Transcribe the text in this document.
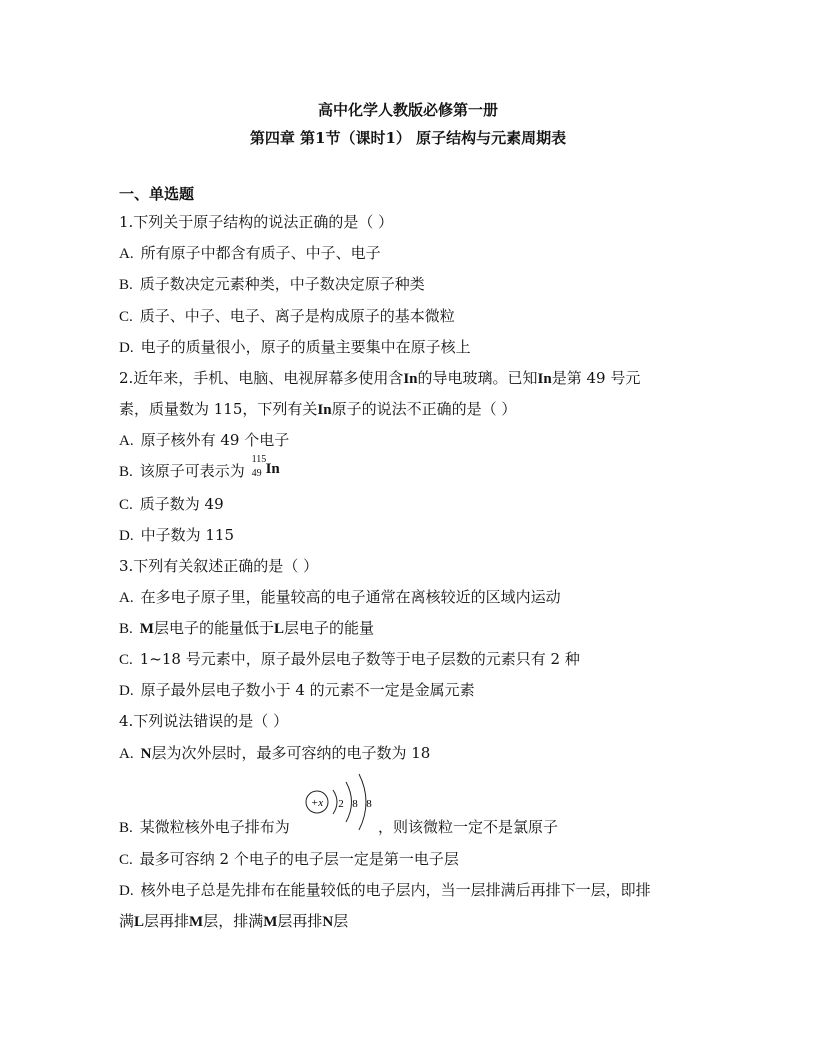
高中化学人教版必修第一册
第四章 第1节（课时1） 原子结构与元素周期表
一、单选题
1.下列关于原子结构的说法正确的是（ ）
A. 所有原子中都含有质子、中子、电子
B. 质子数决定元素种类，中子数决定原子种类
C. 质子、中子、电子、离子是构成原子的基本微粒
D. 电子的质量很小，原子的质量主要集中在原子核上
2.近年来，手机、电脑、电视屏幕多使用含In的导电玻璃。已知In是第 49 号元
素，质量数为 115，下列有关In原子的说法不正确的是（ ）
A. 原子核外有 49 个电子
B. 该原子可表示为
115
49 In
C. 质子数为 49
D. 中子数为 115
3.下列有关叙述正确的是（ ）
A. 在多电子原子里，能量较高的电子通常在离核较近的区域内运动
B. M层电子的能量低于L层电子的能量
C. 1~18 号元素中，原子最外层电子数等于电子层数的元素只有 2 种
D. 原子最外层电子数小于 4 的元素不一定是金属元素
4.下列说法错误的是（ ）
A. N层为次外层时，最多可容纳的电子数为 18
+x 2 8 8
B. 某微粒核外电子排布为	，则该微粒一定不是氯原子
C. 最多可容纳 2 个电子的电子层一定是第一电子层
D. 核外电子总是先排布在能量较低的电子层内，当一层排满后再排下一层，即排
满L层再排M层，排满M层再排N层
